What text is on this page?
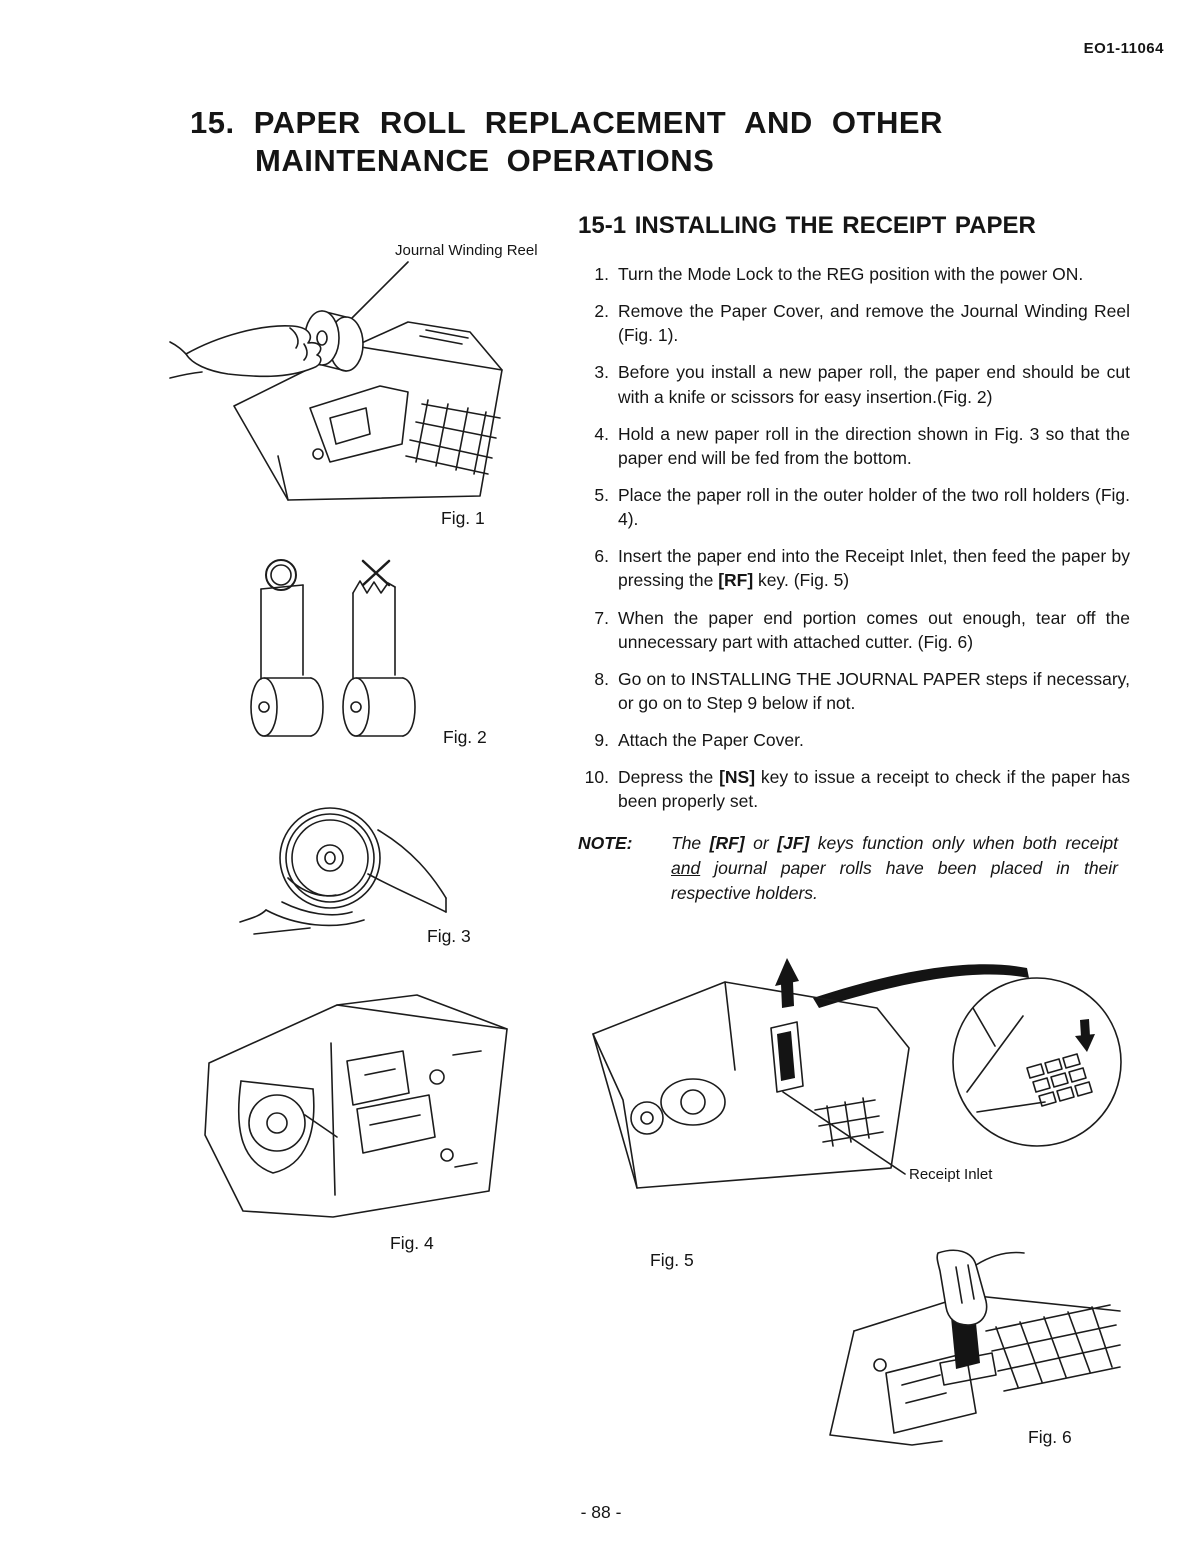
EO1-11064
15. PAPER ROLL REPLACEMENT AND OTHER
MAINTENANCE OPERATIONS
15-1 INSTALLING THE RECEIPT PAPER
Journal Winding Reel
Fig. 1
Fig. 2
Fig. 3
Fig. 4
Receipt Inlet
Fig. 5
Fig. 6
1. Turn the Mode Lock to the REG position with the power ON.
2. Remove the Paper Cover, and remove the Journal Winding Reel (Fig. 1).
3. Before you install a new paper roll, the paper end should be cut with a knife or scissors for easy insertion.(Fig. 2)
4. Hold a new paper roll in the direction shown in Fig. 3 so that the paper end will be fed from the bottom.
5. Place the paper roll in the outer holder of the two roll holders (Fig. 4).
6. Insert the paper end into the Receipt Inlet, then feed the paper by pressing the [RF] key. (Fig. 5)
7. When the paper end portion comes out enough, tear off the unnecessary part with attached cutter. (Fig. 6)
8. Go on to INSTALLING THE JOURNAL PAPER steps if necessary, or go on to Step 9 below if not.
9. Attach the Paper Cover.
10. Depress the [NS] key to issue a receipt to check if the paper has been properly set.
NOTE:	The [RF] or [JF] keys function only when both receipt and journal paper rolls have been placed in their respective holders.
- 88 -
